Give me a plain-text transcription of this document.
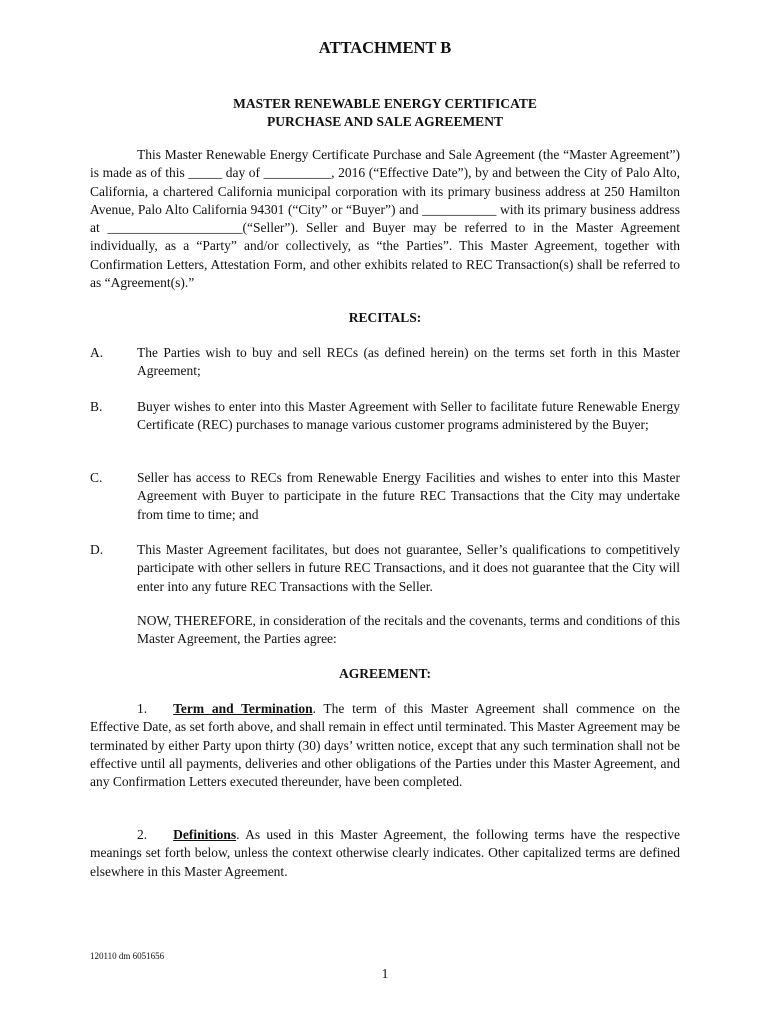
ATTACHMENT B
MASTER RENEWABLE ENERGY CERTIFICATE
PURCHASE AND SALE AGREEMENT
This Master Renewable Energy Certificate Purchase and Sale Agreement (the “Master Agreement”) is made as of this _____ day of __________, 2016 (“Effective Date”), by and between the City of Palo Alto, California, a chartered California municipal corporation with its primary business address at 250 Hamilton Avenue, Palo Alto California 94301 (“City” or “Buyer”) and ___________ with its primary business address at ____________________(“Seller”). Seller and Buyer may be referred to in the Master Agreement individually, as a “Party” and/or collectively, as “the Parties”. This Master Agreement, together with Confirmation Letters, Attestation Form, and other exhibits related to REC Transaction(s) shall be referred to as “Agreement(s).”
RECITALS:
A.	The Parties wish to buy and sell RECs (as defined herein) on the terms set forth in this Master Agreement;
B.	Buyer wishes to enter into this Master Agreement with Seller to facilitate future Renewable Energy Certificate (REC) purchases to manage various customer programs administered by the Buyer;
C.	Seller has access to RECs from Renewable Energy Facilities and wishes to enter into this Master Agreement with Buyer to participate in the future REC Transactions that the City may undertake from time to time; and
D.	This Master Agreement facilitates, but does not guarantee, Seller’s qualifications to competitively participate with other sellers in future REC Transactions, and it does not guarantee that the City will enter into any future REC Transactions with the Seller.
NOW, THEREFORE, in consideration of the recitals and the covenants, terms and conditions of this Master Agreement, the Parties agree:
AGREEMENT:
1. Term and Termination. The term of this Master Agreement shall commence on the Effective Date, as set forth above, and shall remain in effect until terminated. This Master Agreement may be terminated by either Party upon thirty (30) days’ written notice, except that any such termination shall not be effective until all payments, deliveries and other obligations of the Parties under this Master Agreement, and any Confirmation Letters executed thereunder, have been completed.
2. Definitions. As used in this Master Agreement, the following terms have the respective meanings set forth below, unless the context otherwise clearly indicates. Other capitalized terms are defined elsewhere in this Master Agreement.
120110 dm 6051656
1
